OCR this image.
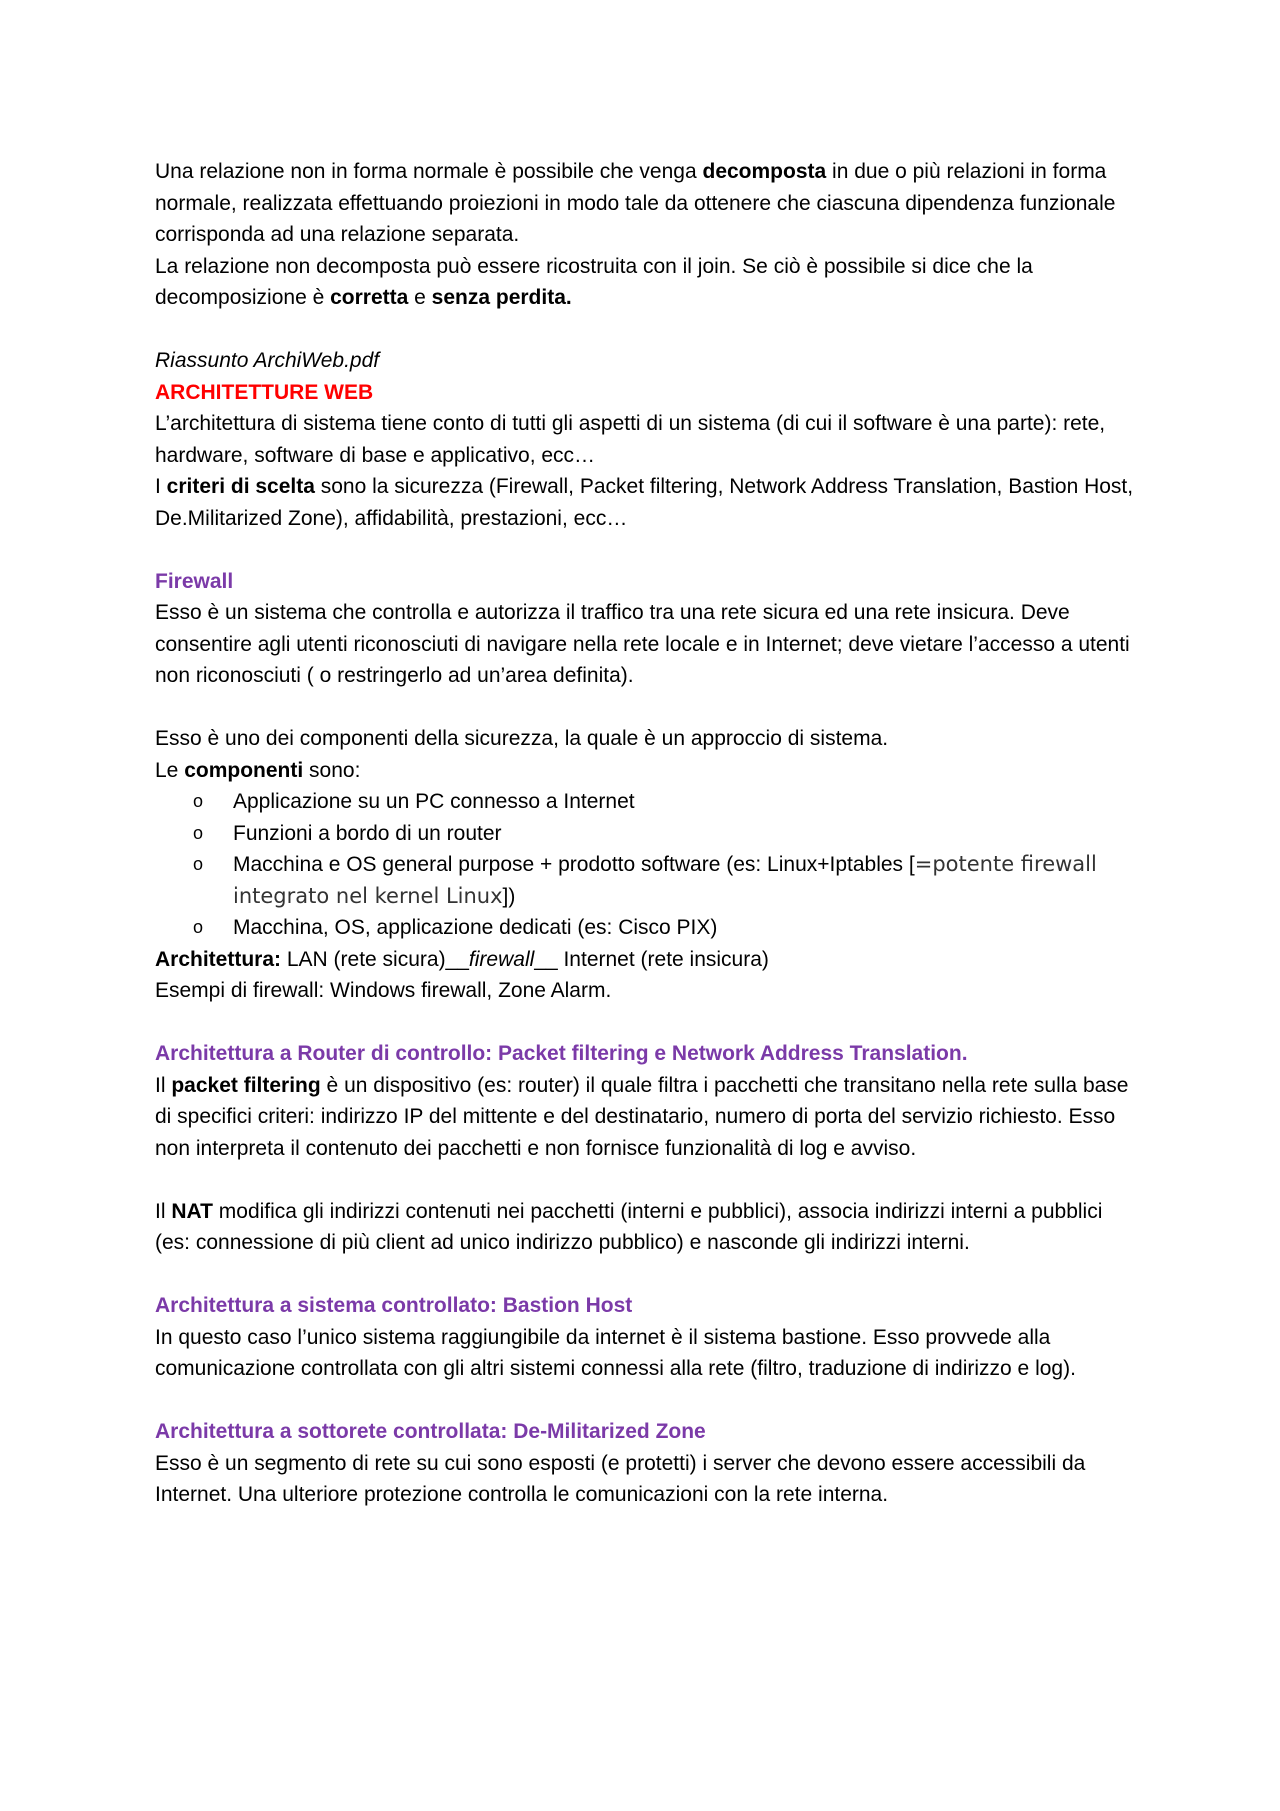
Una relazione non in forma normale è possibile che venga decomposta in due o più relazioni in forma normale, realizzata effettuando proiezioni in modo tale da ottenere che ciascuna dipendenza funzionale corrisponda ad una relazione separata.

La relazione non decomposta può essere ricostruita con il join. Se ciò è possibile si dice che la decomposizione è corretta e senza perdita.

Riassunto ArchiWeb.pdf

ARCHITETTURE WEB

L’architettura di sistema tiene conto di tutti gli aspetti di un sistema (di cui il software è una parte): rete, hardware, software di base e applicativo, ecc…

I criteri di scelta sono la sicurezza (Firewall, Packet filtering, Network Address Translation, Bastion Host, De.Militarized Zone), affidabilità, prestazioni, ecc…

Firewall

Esso è un sistema che controlla e autorizza il traffico tra una rete sicura ed una rete insicura. Deve consentire agli utenti riconosciuti di navigare nella rete locale e in Internet; deve vietare l’accesso a utenti non riconosciuti ( o restringerlo ad un’area definita).

Esso è uno dei componenti della sicurezza, la quale è un approccio di sistema.

Le componenti sono:

o Applicazione su un PC connesso a Internet
o Funzioni a bordo di un router
o Macchina e OS general purpose + prodotto software (es: Linux+Iptables [=potente firewall integrato nel kernel Linux])
o Macchina, OS, applicazione dedicati (es: Cisco PIX)

Architettura: LAN (rete sicura)__firewall__ Internet (rete insicura)

Esempi di firewall: Windows firewall, Zone Alarm.

Architettura a Router di controllo: Packet filtering e Network Address Translation.

Il packet filtering è un dispositivo (es: router) il quale filtra i pacchetti che transitano nella rete sulla base di specifici criteri: indirizzo IP del mittente e del destinatario, numero di porta del servizio richiesto. Esso non interpreta il contenuto dei pacchetti e non fornisce funzionalità di log e avviso.

Il NAT modifica gli indirizzi contenuti nei pacchetti (interni e pubblici), associa indirizzi interni a pubblici (es: connessione di più client ad unico indirizzo pubblico) e nasconde gli indirizzi interni.

Architettura a sistema controllato: Bastion Host

In questo caso l’unico sistema raggiungibile da internet è il sistema bastione. Esso provvede alla comunicazione controllata con gli altri sistemi connessi alla rete (filtro, traduzione di indirizzo e log).

Architettura a sottorete controllata: De-Militarized Zone

Esso è un segmento di rete su cui sono esposti (e protetti) i server che devono essere accessibili da Internet. Una ulteriore protezione controlla le comunicazioni con la rete interna.
